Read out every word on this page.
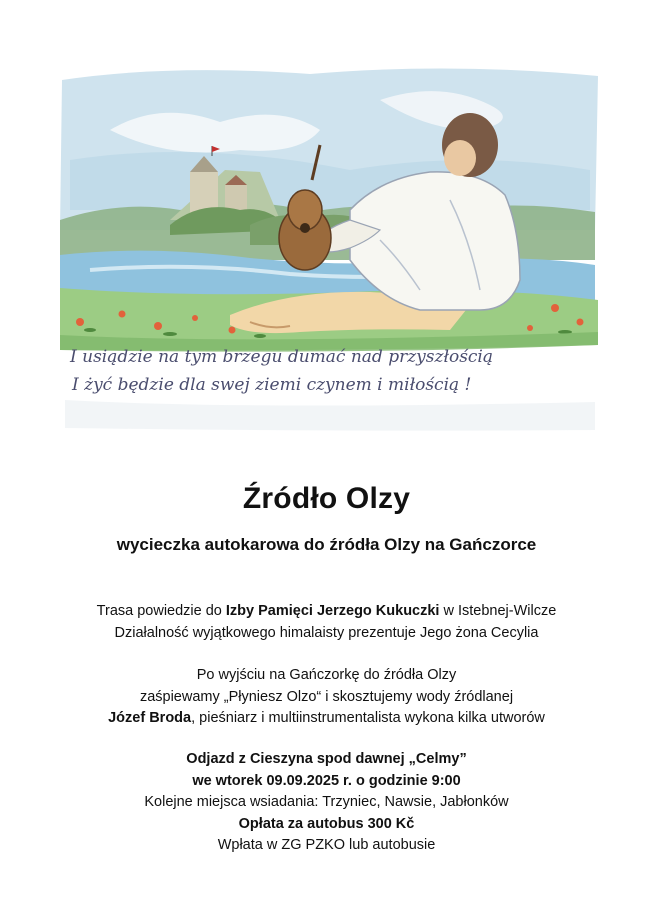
I usiądzie na tym brzegu dumać nad przyszłością
I żyć będzie dla swej ziemi czynem i miłością !
Źródło Olzy
wycieczka autokarowa do źródła Olzy na Gańczorce

Trasa powiedzie do Izby Pamięci Jerzego Kukuczki w Istebnej-Wilcze

Działalność wyjątkowego himalaisty prezentuje Jego żona Cecylia

Po wyjściu na Gańczorkę do źródła Olzy

zaśpiewamy „Płyniesz Olzo“ i skosztujemy wody źródlanej

Józef Broda, pieśniarz i multiinstrumentalista wykona kilka utworów

Odjazd z Cieszyna spod dawnej „Celmy”

we wtorek 09.09.2025 r. o godzinie 9:00

Kolejne miejsca wsiadania: Trzyniec, Nawsie, Jabłonków

Opłata za autobus 300 Kč

Wpłata w ZG PZKO lub autobusie
